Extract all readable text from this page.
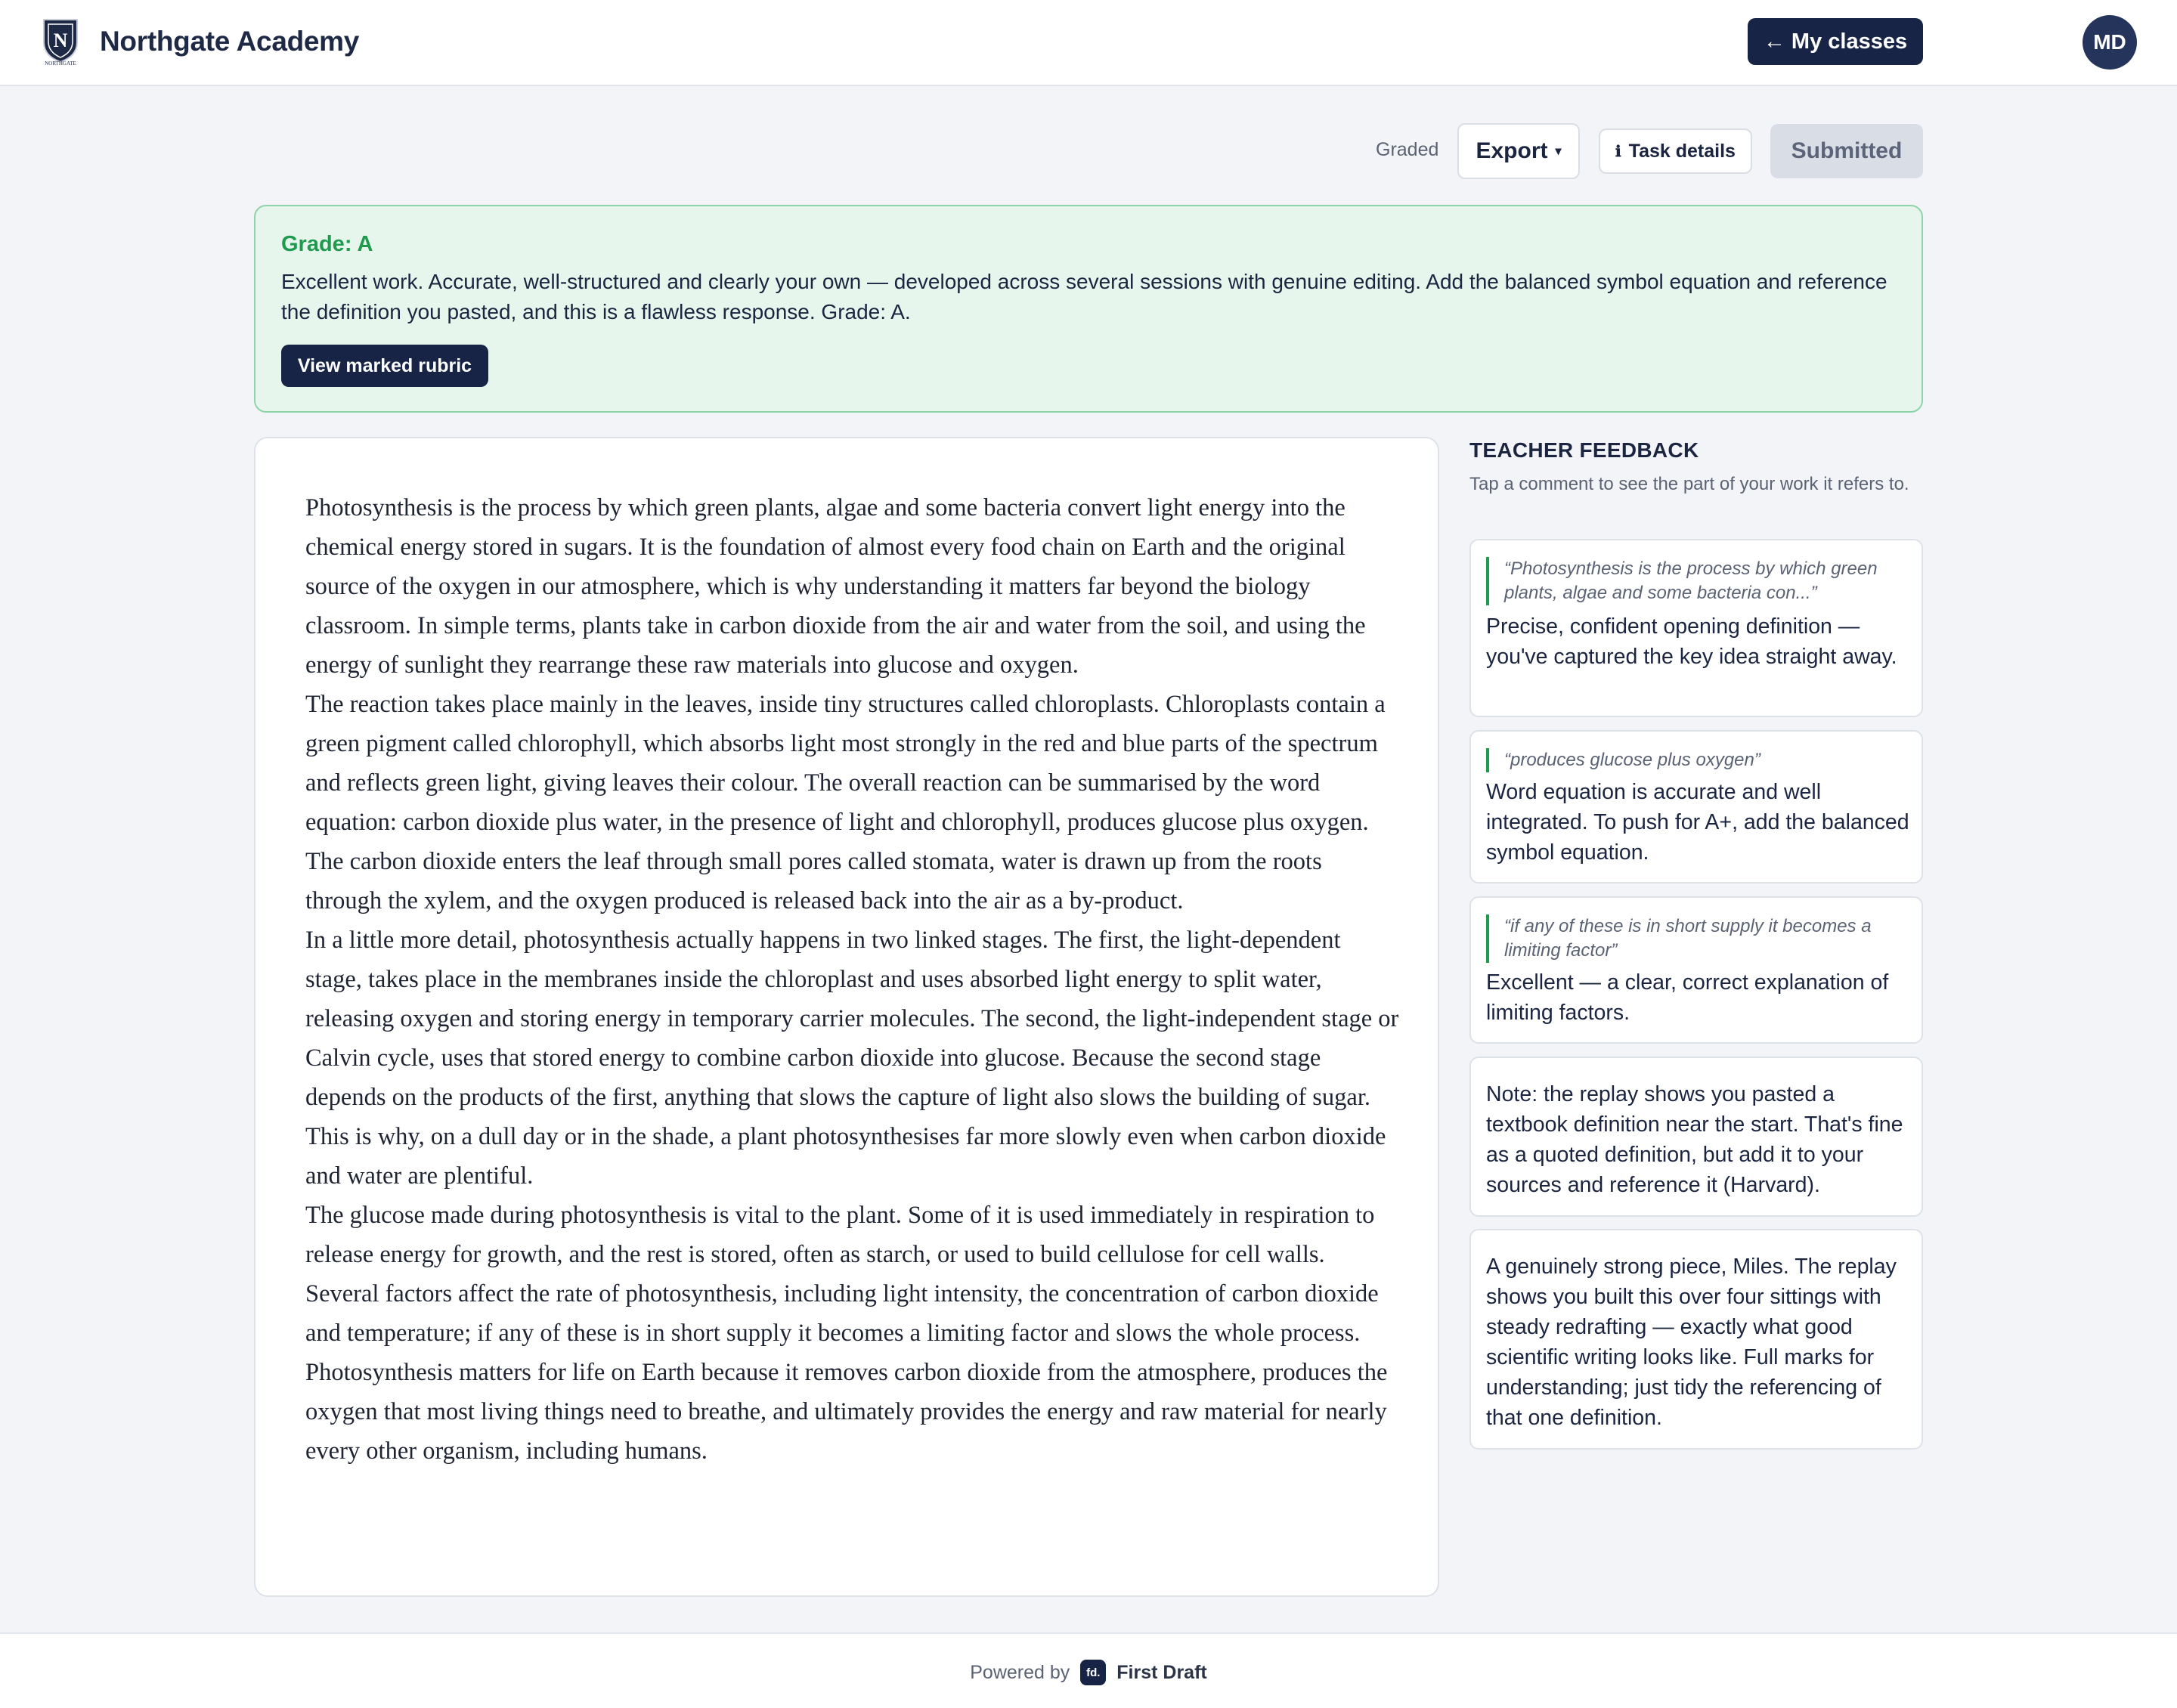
N
NORTHGATE
Northgate Academy	← My classes	MD
Graded Export ▾	ℹ Task details	Submitted
Grade: A
Excellent work. Accurate, well-structured and clearly your own — developed across several sessions with genuine editing. Add the balanced symbol equation and reference the definition you pasted, and this is a flawless response. Grade: A.
View marked rubric

Photosynthesis is the process by which green plants, algae and some bacteria convert light energy into the chemical energy stored in sugars. It is the foundation of almost every food chain on Earth and the original source of the oxygen in our atmosphere, which is why understanding it matters far beyond the biology classroom. In simple terms, plants take in carbon dioxide from the air and water from the soil, and using the energy of sunlight they rearrange these raw materials into glucose and oxygen.

The reaction takes place mainly in the leaves, inside tiny structures called chloroplasts. Chloroplasts contain a green pigment called chlorophyll, which absorbs light most strongly in the red and blue parts of the spectrum and reflects green light, giving leaves their colour. The overall reaction can be summarised by the word equation: carbon dioxide plus water, in the presence of light and chlorophyll, produces glucose plus oxygen. The carbon dioxide enters the leaf through small pores called stomata, water is drawn up from the roots through the xylem, and the oxygen produced is released back into the air as a by-product.

In a little more detail, photosynthesis actually happens in two linked stages. The first, the light-dependent stage, takes place in the membranes inside the chloroplast and uses absorbed light energy to split water, releasing oxygen and storing energy in temporary carrier molecules. The second, the light-independent stage or Calvin cycle, uses that stored energy to combine carbon dioxide into glucose. Because the second stage depends on the products of the first, anything that slows the capture of light also slows the building of sugar. This is why, on a dull day or in the shade, a plant photosynthesises far more slowly even when carbon dioxide and water are plentiful.

The glucose made during photosynthesis is vital to the plant. Some of it is used immediately in respiration to release energy for growth, and the rest is stored, often as starch, or used to build cellulose for cell walls. Several factors affect the rate of photosynthesis, including light intensity, the concentration of carbon dioxide and temperature; if any of these is in short supply it becomes a limiting factor and slows the whole process. Photosynthesis matters for life on Earth because it removes carbon dioxide from the atmosphere, produces the oxygen that most living things need to breathe, and ultimately provides the energy and raw material for nearly every other organism, including humans.

TEACHER FEEDBACK
Tap a comment to see the part of your work it refers to.
“Photosynthesis is the process by which green plants, algae and some bacteria con...”
Precise, confident opening definition — you've captured the key idea straight away.
“produces glucose plus oxygen”
Word equation is accurate and well integrated. To push for A+, add the balanced symbol equation.
“if any of these is in short supply it becomes a limiting factor”
Excellent — a clear, correct explanation of limiting factors.
Note: the replay shows you pasted a textbook definition near the start. That's fine as a quoted definition, but add it to your sources and reference it (Harvard).
A genuinely strong piece, Miles. The replay shows you built this over four sittings with steady redrafting — exactly what good scientific writing looks like. Full marks for understanding; just tidy the referencing of that one definition.
Powered by	fd. First Draft
